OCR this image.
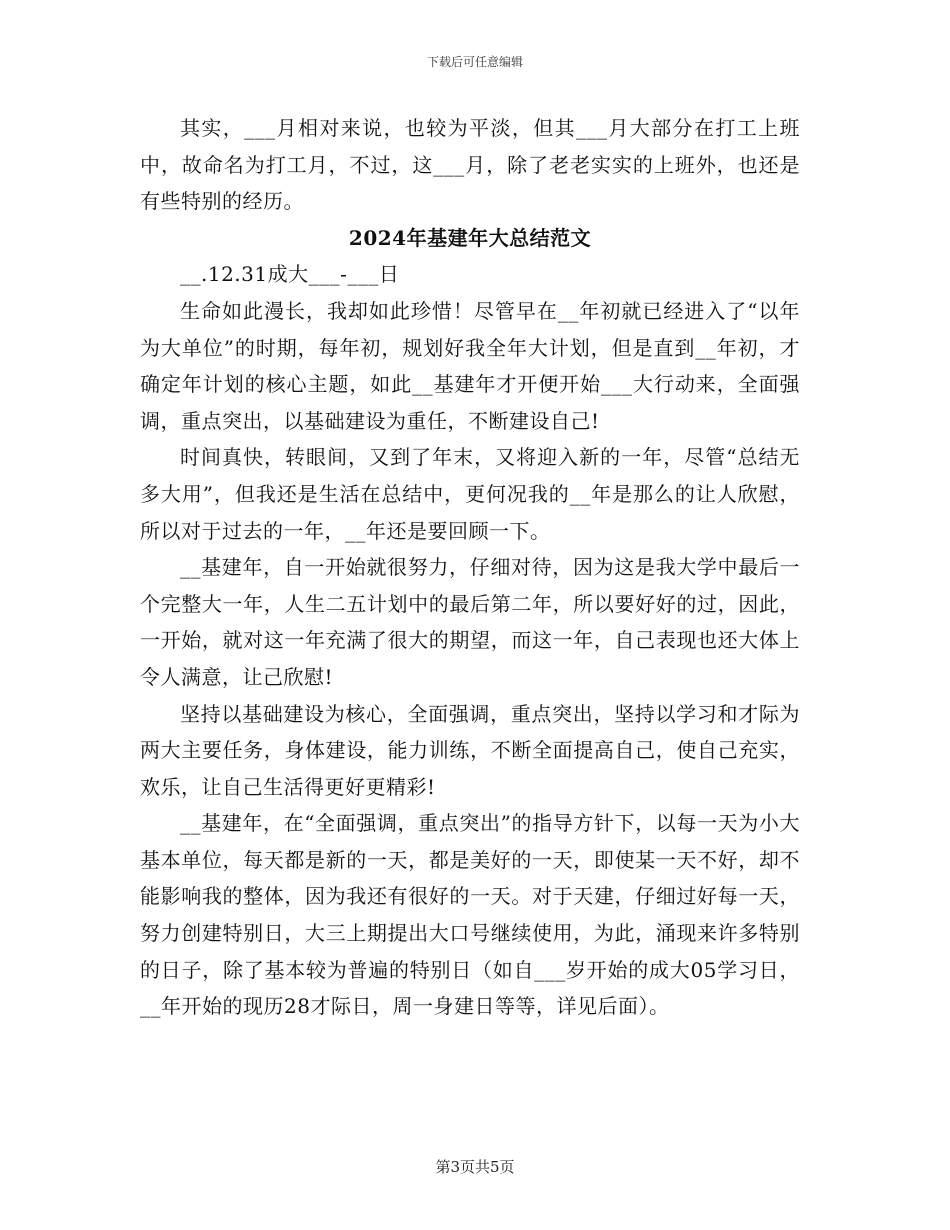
下载后可任意编辑

其实，___月相对来说，也较为平淡，但其___月大部分在打工上班中，故命名为打工月，不过，这___月，除了老老实实的上班外，也还是有些特别的经历。

2024年基建年大总结范文

__.12.31成大___-___日

生命如此漫长，我却如此珍惜！尽管早在__年初就已经进入了“以年为大单位”的时期，每年初，规划好我全年大计划，但是直到__年初，才确定年计划的核心主题，如此__基建年才开便开始___大行动来，全面强调，重点突出，以基础建设为重任，不断建设自己!

时间真快，转眼间，又到了年末，又将迎入新的一年，尽管“总结无多大用”，但我还是生活在总结中，更何况我的__年是那么的让人欣慰，所以对于过去的一年，__年还是要回顾一下。

__基建年，自一开始就很努力，仔细对待，因为这是我大学中最后一个完整大一年，人生二五计划中的最后第二年，所以要好好的过，因此，一开始，就对这一年充满了很大的期望，而这一年，自己表现也还大体上令人满意，让己欣慰!

坚持以基础建设为核心，全面强调，重点突出，坚持以学习和才际为两大主要任务，身体建设，能力训练，不断全面提高自己，使自己充实，欢乐，让自己生活得更好更精彩!

__基建年，在“全面强调，重点突出”的指导方针下，以每一天为小大基本单位，每天都是新的一天，都是美好的一天，即使某一天不好，却不能影响我的整体，因为我还有很好的一天。对于天建，仔细过好每一天，努力创建特别日，大三上期提出大口号继续使用，为此，涌现来许多特别的日子，除了基本较为普遍的特别日（如自___岁开始的成大05学习日，__年开始的现历28才际日，周一身建日等等，详见后面）。

第3页共5页
